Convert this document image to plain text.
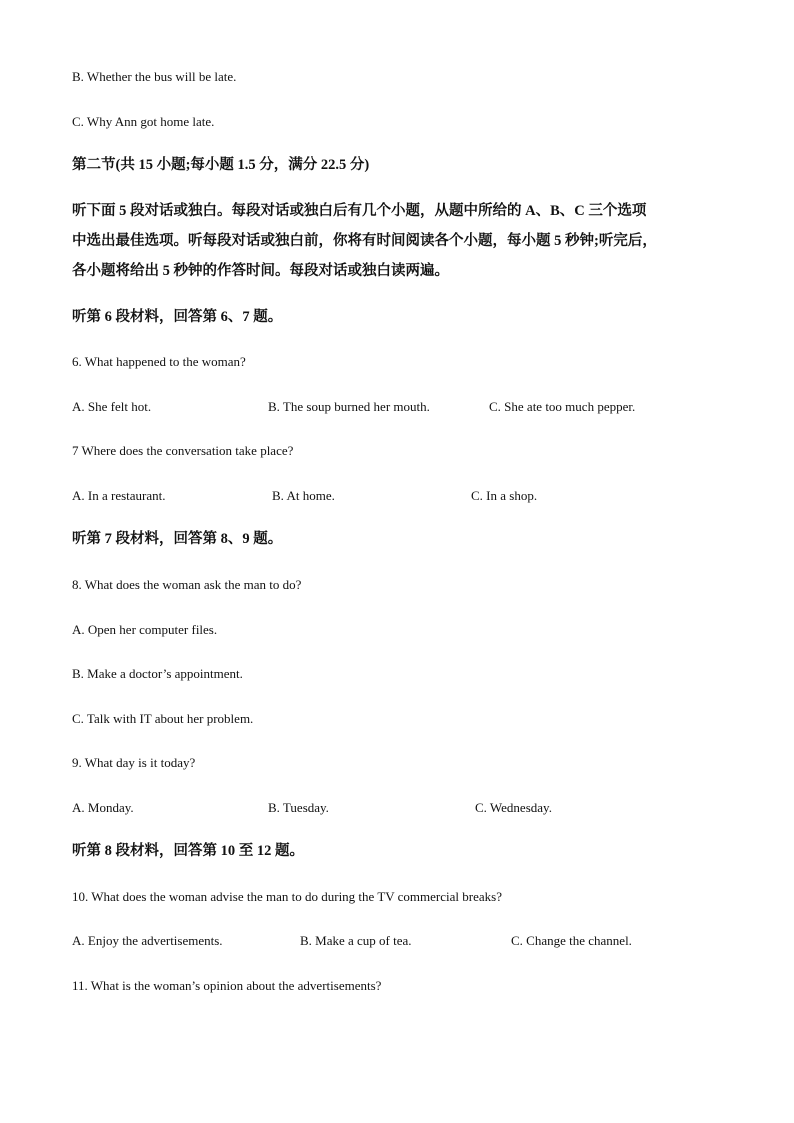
B. Whether the bus will be late.
C. Why Ann got home late.
第二节(共 15 小题;每小题 1.5 分，满分 22.5 分)
听下面 5 段对话或独白。每段对话或独白后有几个小题，从题中所给的 A、B、C 三个选项
中选出最佳选项。听每段对话或独白前，你将有时间阅读各个小题，每小题 5 秒钟;听完后，
各小题将给出 5 秒钟的作答时间。每段对话或独白读两遍。
听第 6 段材料，回答第 6、7 题。
6. What happened to the woman?
A. She felt hot.	B. The soup burned her mouth.	C. She ate too much pepper.
7 Where does the conversation take place?
A. In a restaurant.	B. At home.	C. In a shop.
听第 7 段材料，回答第 8、9 题。
8. What does the woman ask the man to do?
A. Open her computer files.
B. Make a doctor’s appointment.
C. Talk with IT about her problem.
9. What day is it today?
A. Monday.	B. Tuesday.	C. Wednesday.
听第 8 段材料，回答第 10 至 12 题。
10. What does the woman advise the man to do during the TV commercial breaks?
A. Enjoy the advertisements.	B. Make a cup of tea.	C. Change the channel.
11. What is the woman’s opinion about the advertisements?
